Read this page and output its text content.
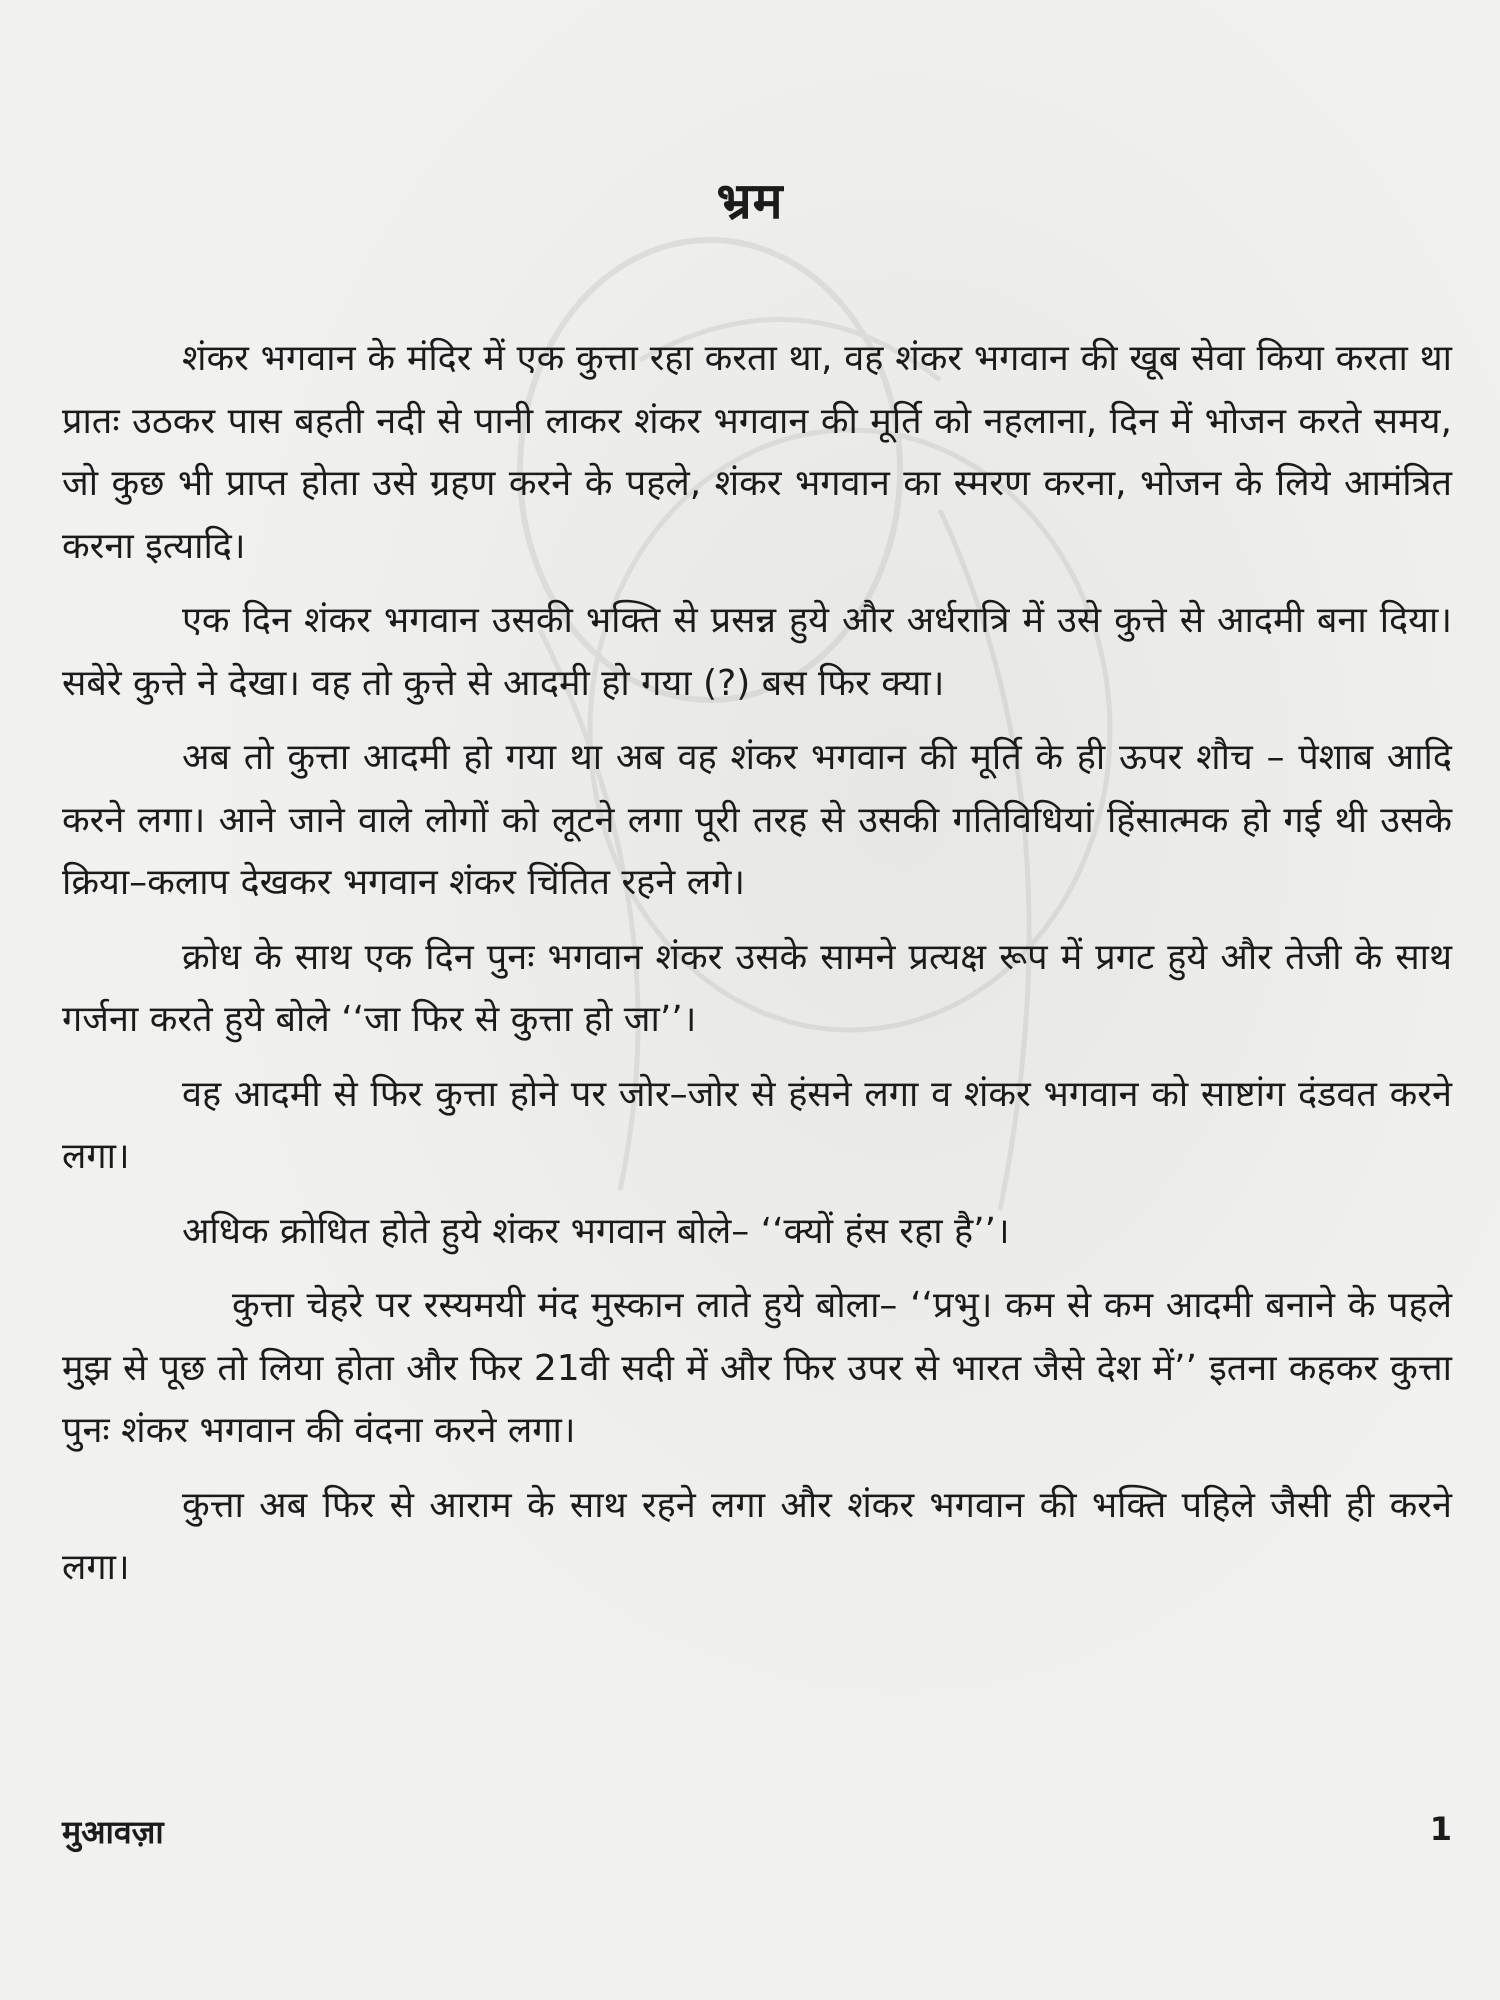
भ्रम

शंकर भगवान के मंदिर में एक कुत्ता रहा करता था, वह शंकर भगवान की खूब सेवा किया करता था प्रातः उठकर पास बहती नदी से पानी लाकर शंकर भगवान की मूर्ति को नहलाना, दिन में भोजन करते समय, जो कुछ भी प्राप्त होता उसे ग्रहण करने के पहले, शंकर भगवान का स्मरण करना, भोजन के लिये आमंत्रित करना इत्यादि।

एक दिन शंकर भगवान उसकी भक्ति से प्रसन्न हुये और अर्धरात्रि में उसे कुत्ते से आदमी बना दिया। सबेरे कुत्ते ने देखा। वह तो कुत्ते से आदमी हो गया (?) बस फिर क्या।

अब तो कुत्ता आदमी हो गया था अब वह शंकर भगवान की मूर्ति के ही ऊपर शौच – पेशाब आदि करने लगा। आने जाने वाले लोगों को लूटने लगा पूरी तरह से उसकी गतिविधियां हिंसात्मक हो गई थी उसके क्रिया–कलाप देखकर भगवान शंकर चिंतित रहने लगे।

क्रोध के साथ एक दिन पुनः भगवान शंकर उसके सामने प्रत्यक्ष रूप में प्रगट हुये और तेजी के साथ गर्जना करते हुये बोले ‘‘जा फिर से कुत्ता हो जा’’।

वह आदमी से फिर कुत्ता होने पर जोर–जोर से हंसने लगा व शंकर भगवान को साष्टांग दंडवत करने लगा।

अधिक क्रोधित होते हुये शंकर भगवान बोले– ‘‘क्यों हंस रहा है’’।

कुत्ता चेहरे पर रस्यमयी मंद मुस्कान लाते हुये बोला– ‘‘प्रभु। कम से कम आदमी बनाने के पहले मुझ से पूछ तो लिया होता और फिर 21वी सदी में और फिर उपर से भारत जैसे देश में’’ इतना कहकर कुत्ता पुनः शंकर भगवान की वंदना करने लगा।

कुत्ता अब फिर से आराम के साथ रहने लगा और शंकर भगवान की भक्ति पहिले जैसी ही करने लगा।

मुआवज़ा	1
